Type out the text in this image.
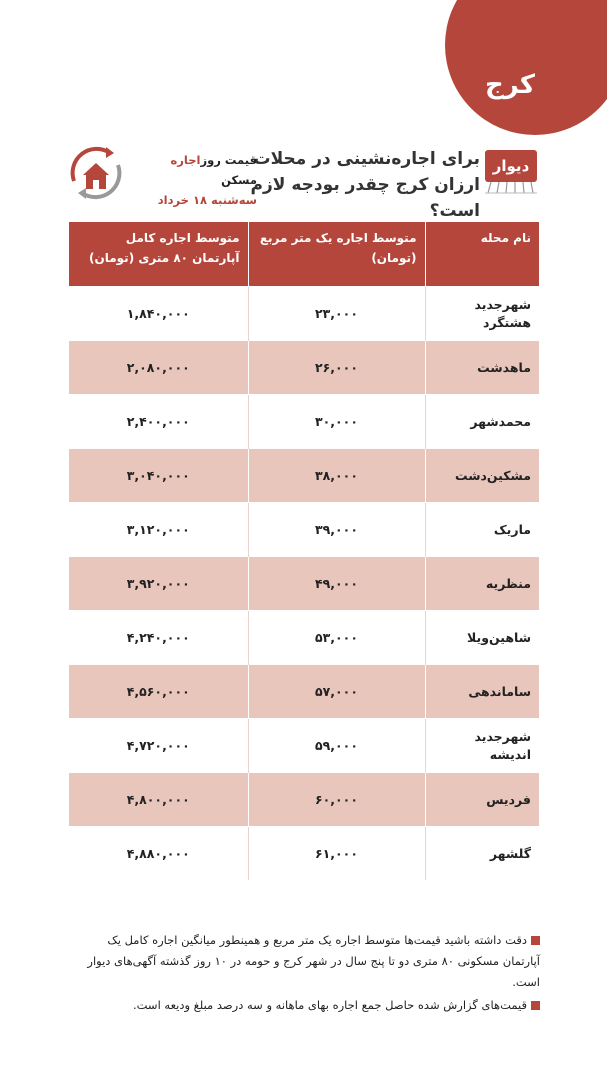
کرج
دیوار
برای اجاره‌نشینی در محلات ارزان کرج چقدر بودجه لازم است؟
قیمت روزاجاره مسکن
سه‌شنبه ۱۸ خرداد
نام محله	متوسط اجاره یک متر مربع (تومان)	متوسط اجاره کامل آپارتمان ۸۰ متری (تومان)
شهرجدید هشتگرد	۲۳,۰۰۰	۱,۸۴۰,۰۰۰
ماهدشت	۲۶,۰۰۰	۲,۰۸۰,۰۰۰
محمدشهر	۳۰,۰۰۰	۲,۴۰۰,۰۰۰
مشکین‌دشت	۳۸,۰۰۰	۳,۰۴۰,۰۰۰
ماریک	۳۹,۰۰۰	۳,۱۲۰,۰۰۰
منظریه	۴۹,۰۰۰	۳,۹۲۰,۰۰۰
شاهین‌ویلا	۵۳,۰۰۰	۴,۲۴۰,۰۰۰
ساماندهی	۵۷,۰۰۰	۴,۵۶۰,۰۰۰
شهرجدید اندیشه	۵۹,۰۰۰	۴,۷۲۰,۰۰۰
فردیس	۶۰,۰۰۰	۴,۸۰۰,۰۰۰
گلشهر	۶۱,۰۰۰	۴,۸۸۰,۰۰۰
دقت داشته باشید قیمت‌ها متوسط اجاره یک متر مربع و همینطور میانگین اجاره کامل یک آپارتمان مسکونی ۸۰ متری دو تا پنج سال در شهر کرج و حومه در ۱۰ روز گذشته آگهی‌های دیوار است.
قیمت‌های گزارش شده حاصل جمع اجاره بهای ماهانه و سه درصد مبلغ ودیعه است.
